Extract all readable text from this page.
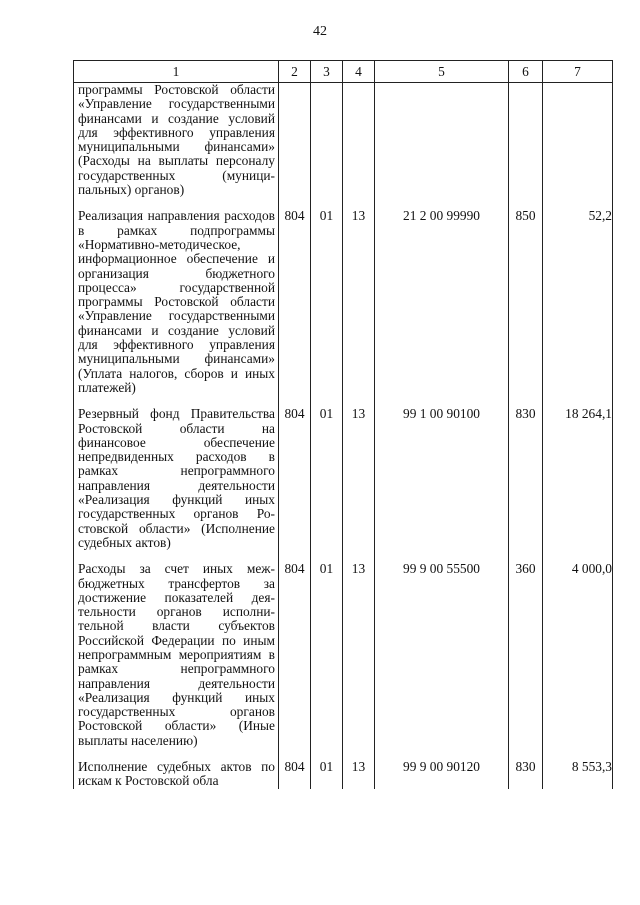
42
1	2	3	4	5	6	7

программы Ростовской области «Управление государственными финансами и создание условий для эффективного управления муниципальными финансами» (Расходы на выплаты персоналу государственных (муниципальных) органов)						

Реализация направления расходов в рамках подпрограммы «Нормативно-методическое, информационное обеспечение и организация бюджетного процесса» государственной программы Ростовской области «Управление государственными финансами и создание условий для эффективного управления муниципальными финансами» (Уплата налогов, сборов и иных платежей)	804	01	13	21 2 00 99990	850	52,2

Резервный фонд Правительства Ростовской области на финансовое обеспечение непредвиденных расходов в рамках непрограммного направления деятельности «Реализация функций иных государственных органов Ростовской области» (Исполнение судебных актов)	804	01	13	99 1 00 90100	830	18 264,1

Расходы за счет иных межбюджетных трансфертов за достижение показателей деятельности органов исполнительной власти субъектов Российской Федерации по иным непрограммным мероприятиям в рамках непрограммного направления деятельности «Реализация функций иных государственных органов Ростовской области» (Иные выплаты населению)	804	01	13	99 9 00 55500	360	4 000,0

Исполнение судебных актов по искам к Ростовской обла	804	01	13	99 9 00 90120	830	8 553,3
